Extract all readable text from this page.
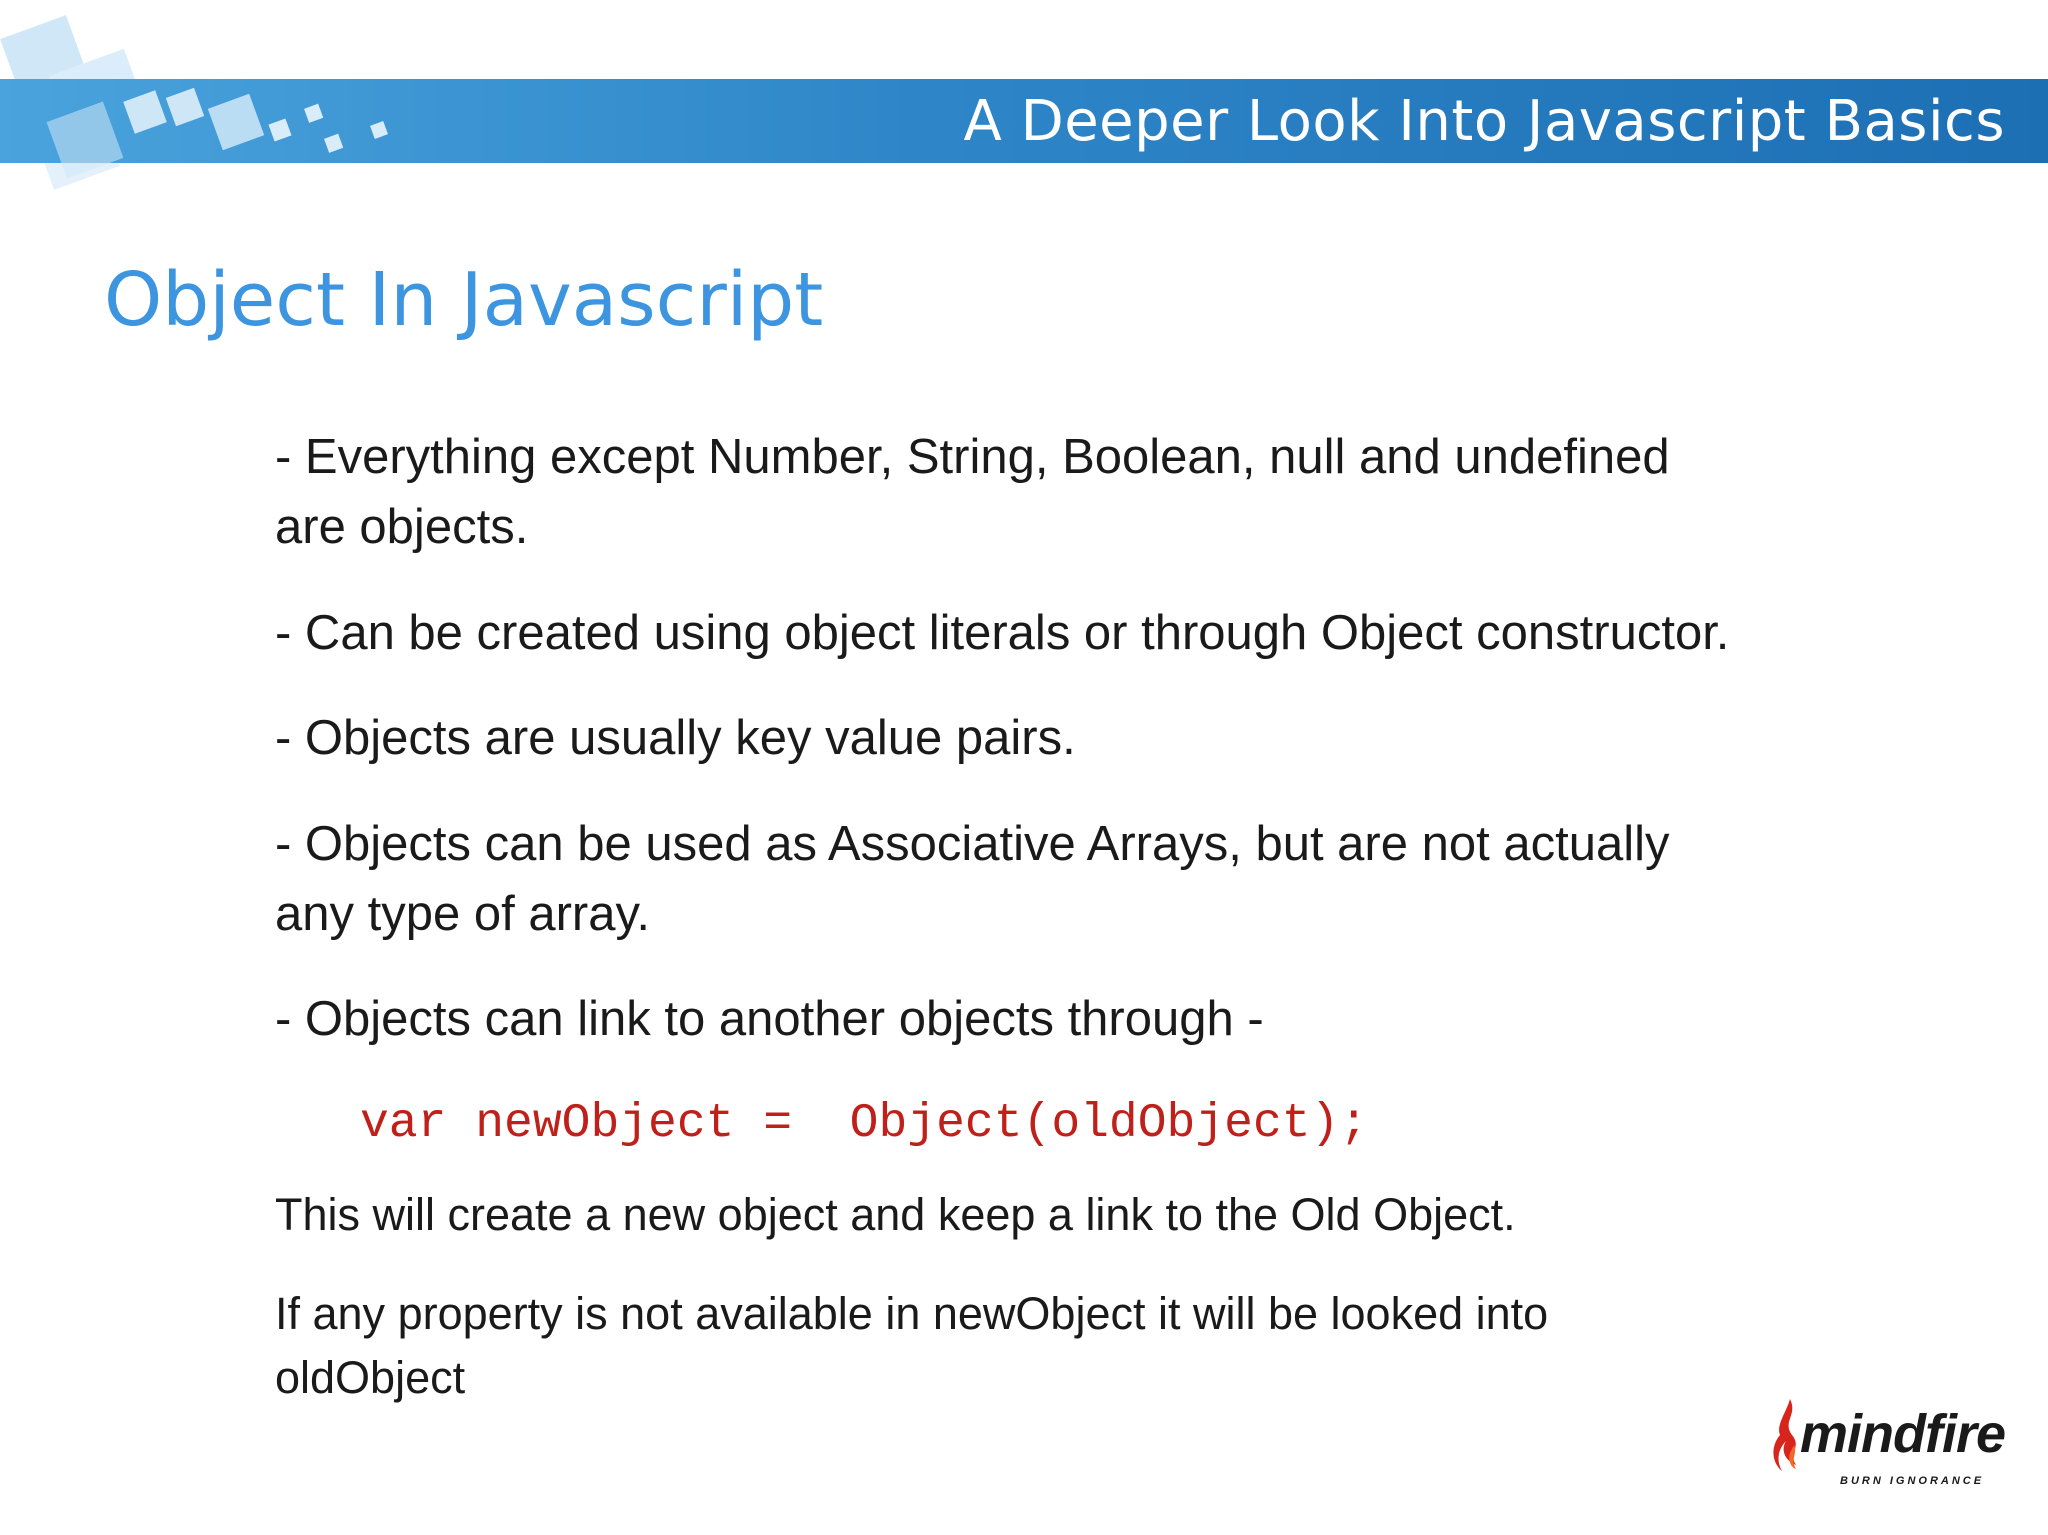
A Deeper Look Into Javascript Basics
Object In Javascript
- Everything except Number, String, Boolean, null and undefined
are objects.
- Can be created using object literals or through Object constructor.
- Objects are usually key value pairs.
- Objects can be used as Associative Arrays, but are not actually
any type of array.
- Objects can link to another objects through -
var newObject =  Object(oldObject);
This will create a new object and keep a link to the Old Object.
If any property is not available in newObject it will be looked into
oldObject
mindfire
BURN IGNORANCE
